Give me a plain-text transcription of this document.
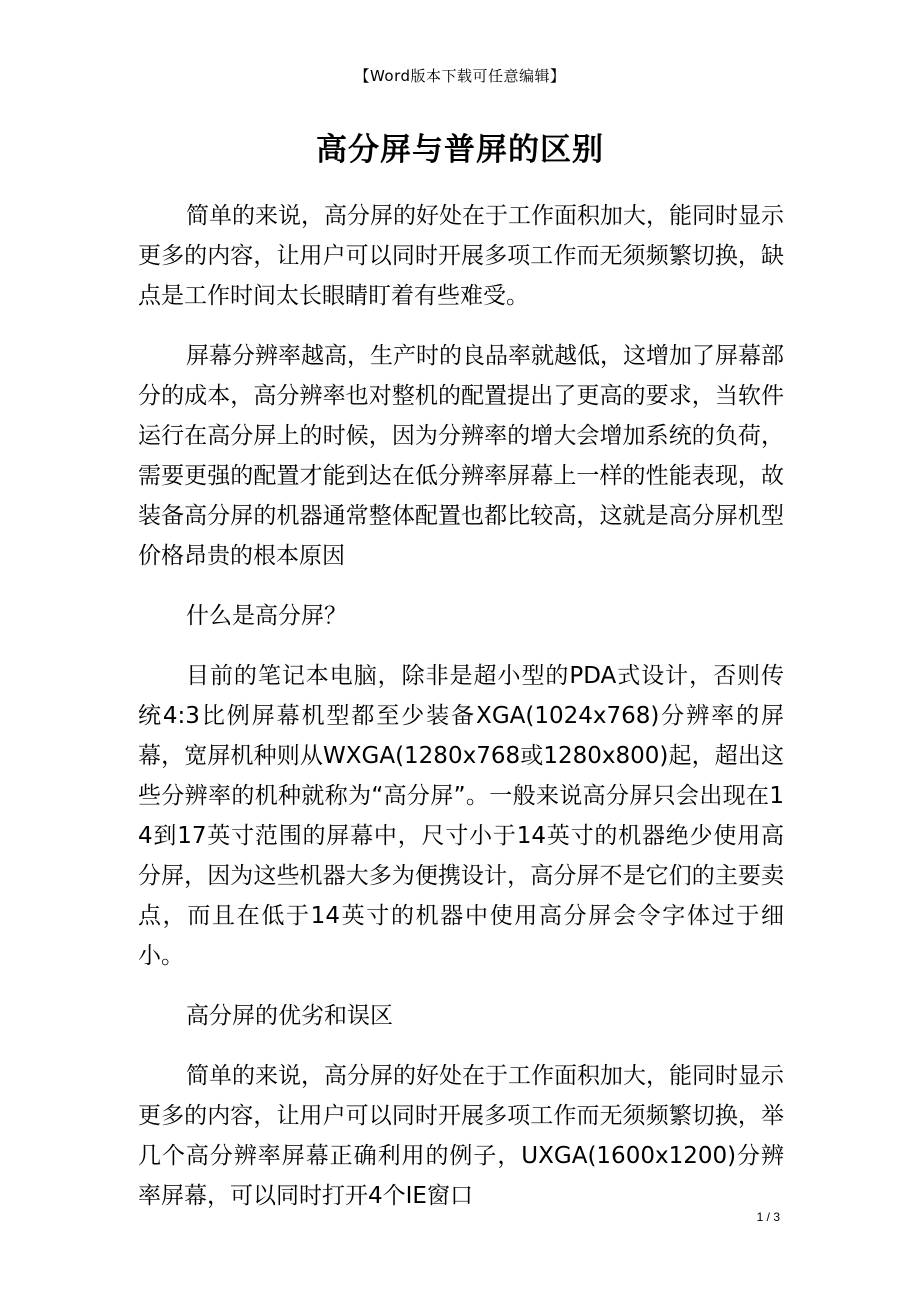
【Word版本下载可任意编辑】
高分屏与普屏的区别

简单的来说，高分屏的好处在于工作面积加大，能同时显示更多的内容，让用户可以同时开展多项工作而无须频繁切换，缺点是工作时间太长眼睛盯着有些难受。

屏幕分辨率越高，生产时的良品率就越低，这增加了屏幕部分的成本，高分辨率也对整机的配置提出了更高的要求，当软件运行在高分屏上的时候，因为分辨率的增大会增加系统的负荷，需要更强的配置才能到达在低分辨率屏幕上一样的性能表现，故装备高分屏的机器通常整体配置也都比较高，这就是高分屏机型价格昂贵的根本原因

什么是高分屏？

目前的笔记本电脑，除非是超小型的PDA式设计，否则传统4:3比例屏幕机型都至少装备XGA(1024x768)分辨率的屏幕，宽屏机种则从WXGA(1280x768或1280x800)起，超出这些分辨率的机种就称为“高分屏”。一般来说高分屏只会出现在14到17英寸范围的屏幕中，尺寸小于14英寸的机器绝少使用高分屏，因为这些机器大多为便携设计，高分屏不是它们的主要卖点，而且在低于14英寸的机器中使用高分屏会令字体过于细小。

高分屏的优劣和误区

简单的来说，高分屏的好处在于工作面积加大，能同时显示更多的内容，让用户可以同时开展多项工作而无须频繁切换，举几个高分辨率屏幕正确利用的例子，UXGA(1600x1200)分辨率屏幕，可以同时打开4个IE窗口

1 / 3
